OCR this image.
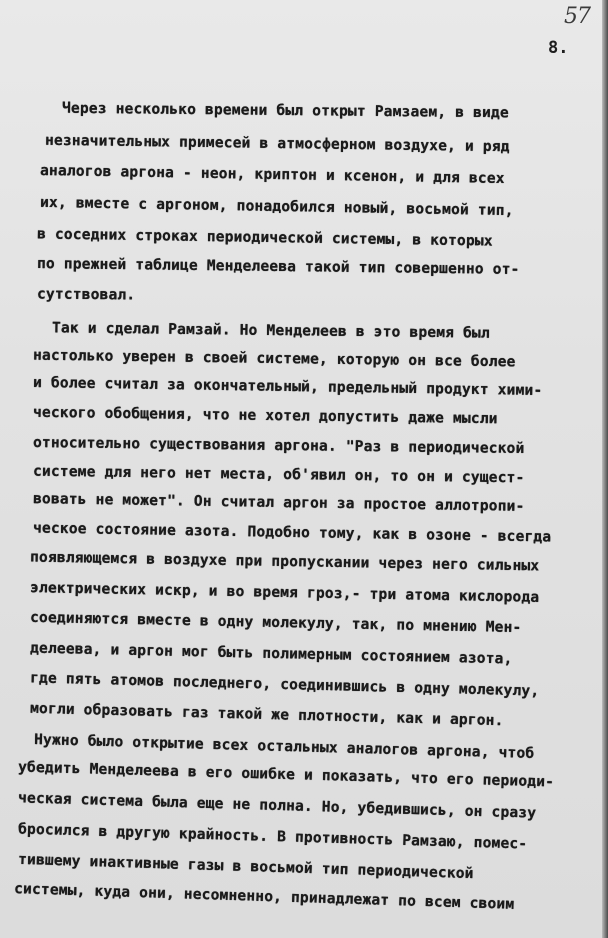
57
8.
Через несколько времени был открыт Рамзаем, в виде
незначительных примесей в атмосферном воздухе, и ряд
аналогов аргона - неон, криптон и ксенон, и для всех
их, вместе с аргоном, понадобился новый, восьмой тип,
в соседних строках периодической системы, в которых
по прежней таблице Менделеева такой тип совершенно от-
сутствовал.
Так и сделал Рамзай. Но Менделеев в это время был
настолько уверен в своей системе, которую он все более
и более считал за окончательный, предельный продукт хими-
ческого обобщения, что не хотел допустить даже мысли
относительно существования аргона. "Раз в периодической
системе для него нет места, об'явил он, то он и сущест-
вовать не может". Он считал аргон за простое аллотропи-
ческое состояние азота. Подобно тому, как в озоне - всегда
появляющемся в воздухе при пропускании через него сильных
электрических искр, и во время гроз,- три атома кислорода
соединяются вместе в одну молекулу, так, по мнению Мен-
делеева, и аргон мог быть полимерным состоянием азота,
где пять атомов последнего, соединившись в одну молекулу,
могли образовать газ такой же плотности, как и аргон.
Нужно было открытие всех остальных аналогов аргона, чтоб
убедить Менделеева в его ошибке и показать, что его периоди-
ческая система была еще не полна. Но, убедившись, он сразу
бросился в другую крайность. В противность Рамзаю, помес-
тившему инактивные газы в восьмой тип периодической
системы, куда они, несомненно, принадлежат по всем своим
